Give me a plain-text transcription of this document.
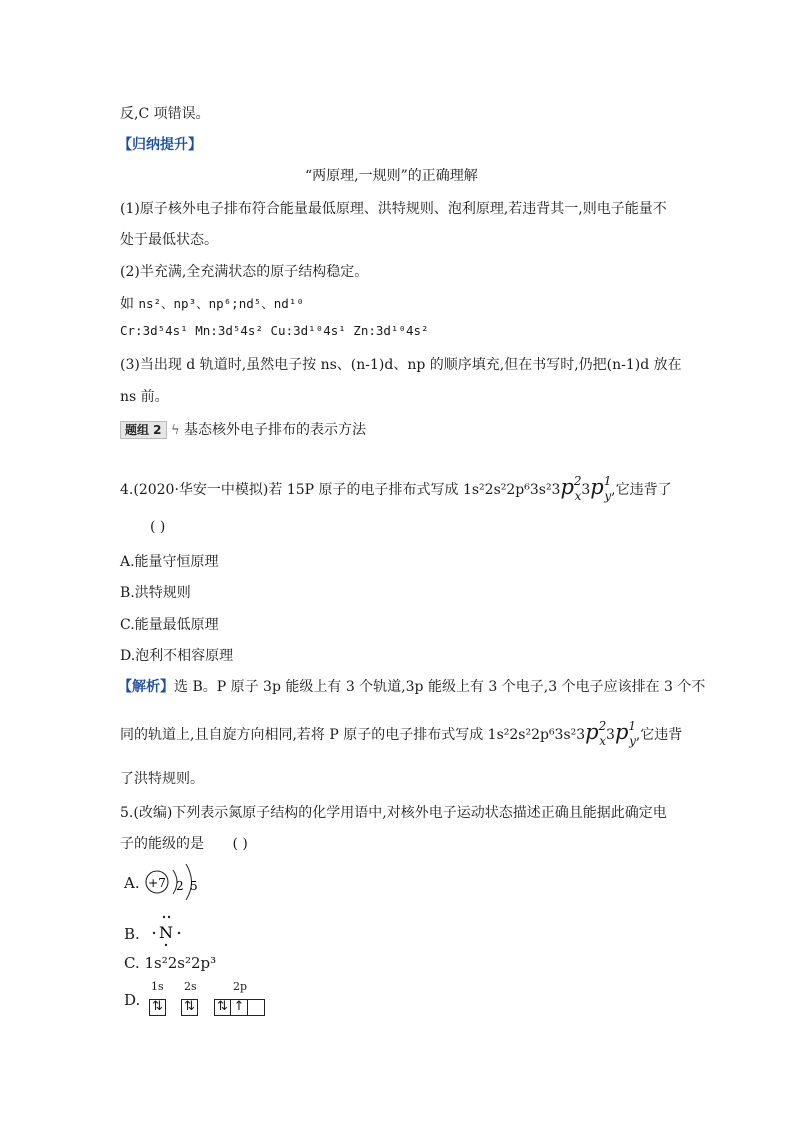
反,C 项错误。
【归纳提升】
“两原理,一规则”的正确理解
(1)原子核外电子排布符合能量最低原理、洪特规则、泡利原理,若违背其一,则电子能量不
处于最低状态。
(2)半充满,全充满状态的原子结构稳定。
如 ns²、np³、np⁶;nd⁵、nd¹⁰
Cr:3d⁵4s¹ Mn:3d⁵4s² Cu:3d¹⁰4s¹ Zn:3d¹⁰4s²
(3)当出现 d 轨道时,虽然电子按 ns、(n-1)d、np 的顺序填充,但在书写时,仍把(n-1)d 放在
ns 前。
题组 2 ϟ 基态核外电子排布的表示方法
4.(2020·华安一中模拟)若 15P 原子的电子排布式写成 $1s^22s^22p^63s^23p^2_x3p^1_y$,它违背了
( )
A.能量守恒原理
B.洪特规则
C.能量最低原理
D.泡利不相容原理
【解析】选 B。P 原子 3p 能级上有 3 个轨道,3p 能级上有 3 个电子,3 个电子应该排在 3 个不
同的轨道上,且自旋方向相同,若将 P 原子的电子排布式写成 $1s^22s^22p^63s^23p^2_x3p^1_y$,它违背
了洪特规则。
5.(改编)下列表示氮原子结构的化学用语中,对核外电子运动状态描述正确且能据此确定电
子的能级的是 ( )
A. +7 2 5
B. N
C. 1s²2s²2p³
D.
1s 2s	2p
⇅ ⇅ ⇅ ↑
